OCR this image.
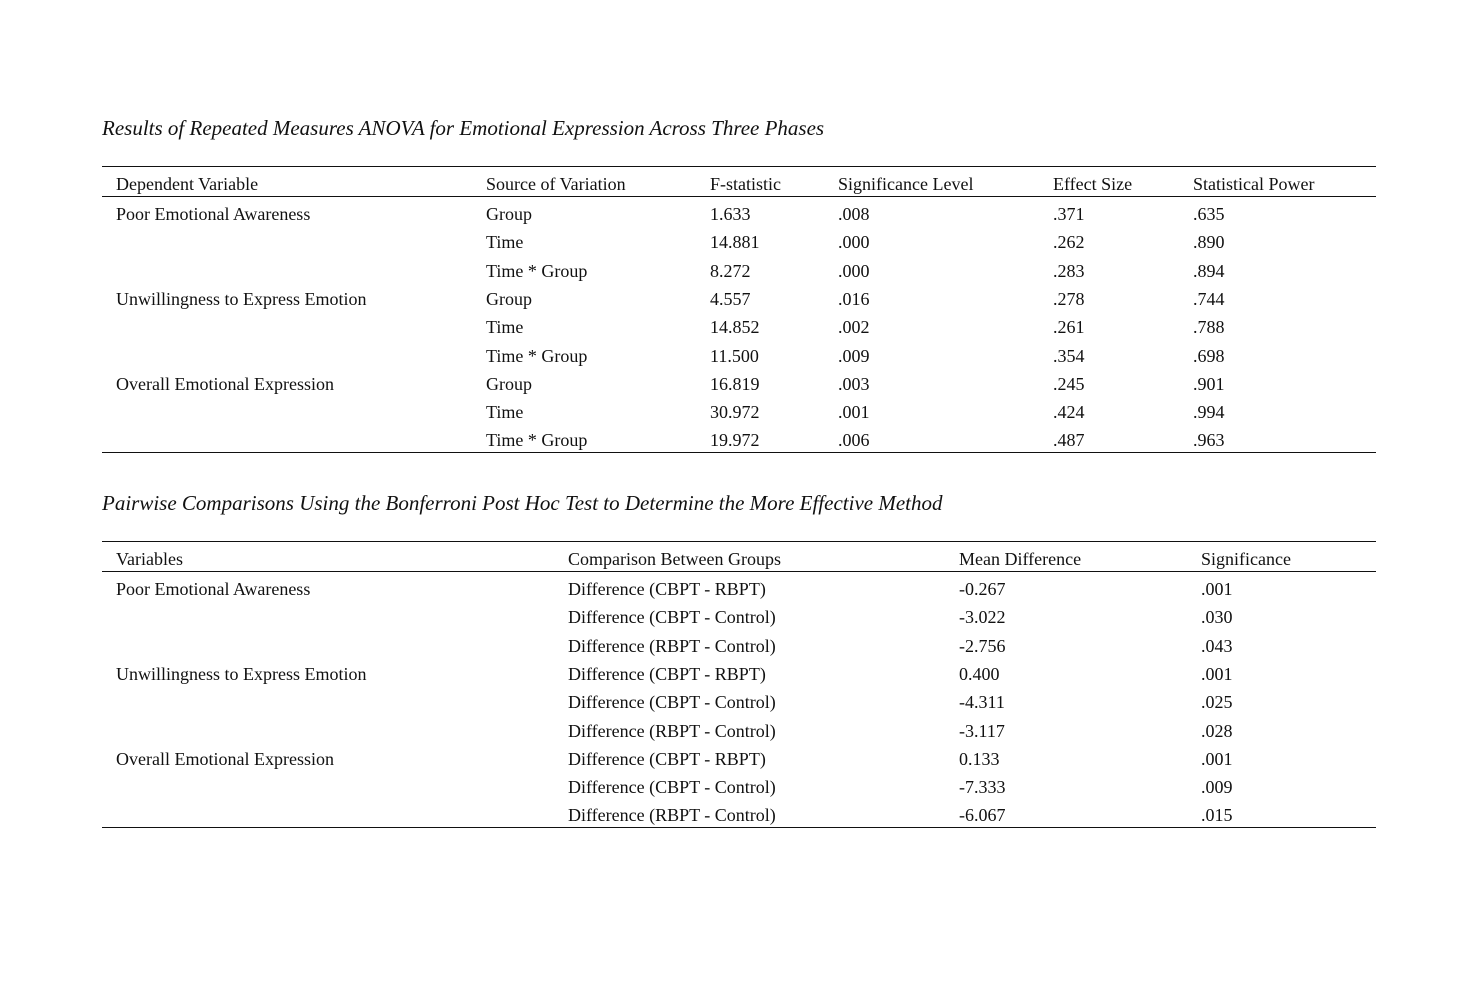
Results of Repeated Measures ANOVA for Emotional Expression Across Three Phases
Dependent Variable	Source of Variation	F-statistic	Significance Level	Effect Size	Statistical Power
Poor Emotional Awareness	Group	1.633	.008	.371	.635
Time	14.881	.000	.262	.890
Time * Group	8.272	.000	.283	.894
Unwillingness to Express Emotion	Group	4.557	.016	.278	.744
Time	14.852	.002	.261	.788
Time * Group	11.500	.009	.354	.698
Overall Emotional Expression	Group	16.819	.003	.245	.901
Time	30.972	.001	.424	.994
Time * Group	19.972	.006	.487	.963
Pairwise Comparisons Using the Bonferroni Post Hoc Test to Determine the More Effective Method
Variables	Comparison Between Groups	Mean Difference	Significance
Poor Emotional Awareness	Difference (CBPT - RBPT)	-0.267	.001
Difference (CBPT - Control)	-3.022	.030
Difference (RBPT - Control)	-2.756	.043
Unwillingness to Express Emotion	Difference (CBPT - RBPT)	0.400	.001
Difference (CBPT - Control)	-4.311	.025
Difference (RBPT - Control)	-3.117	.028
Overall Emotional Expression	Difference (CBPT - RBPT)	0.133	.001
Difference (CBPT - Control)	-7.333	.009
Difference (RBPT - Control)	-6.067	.015
